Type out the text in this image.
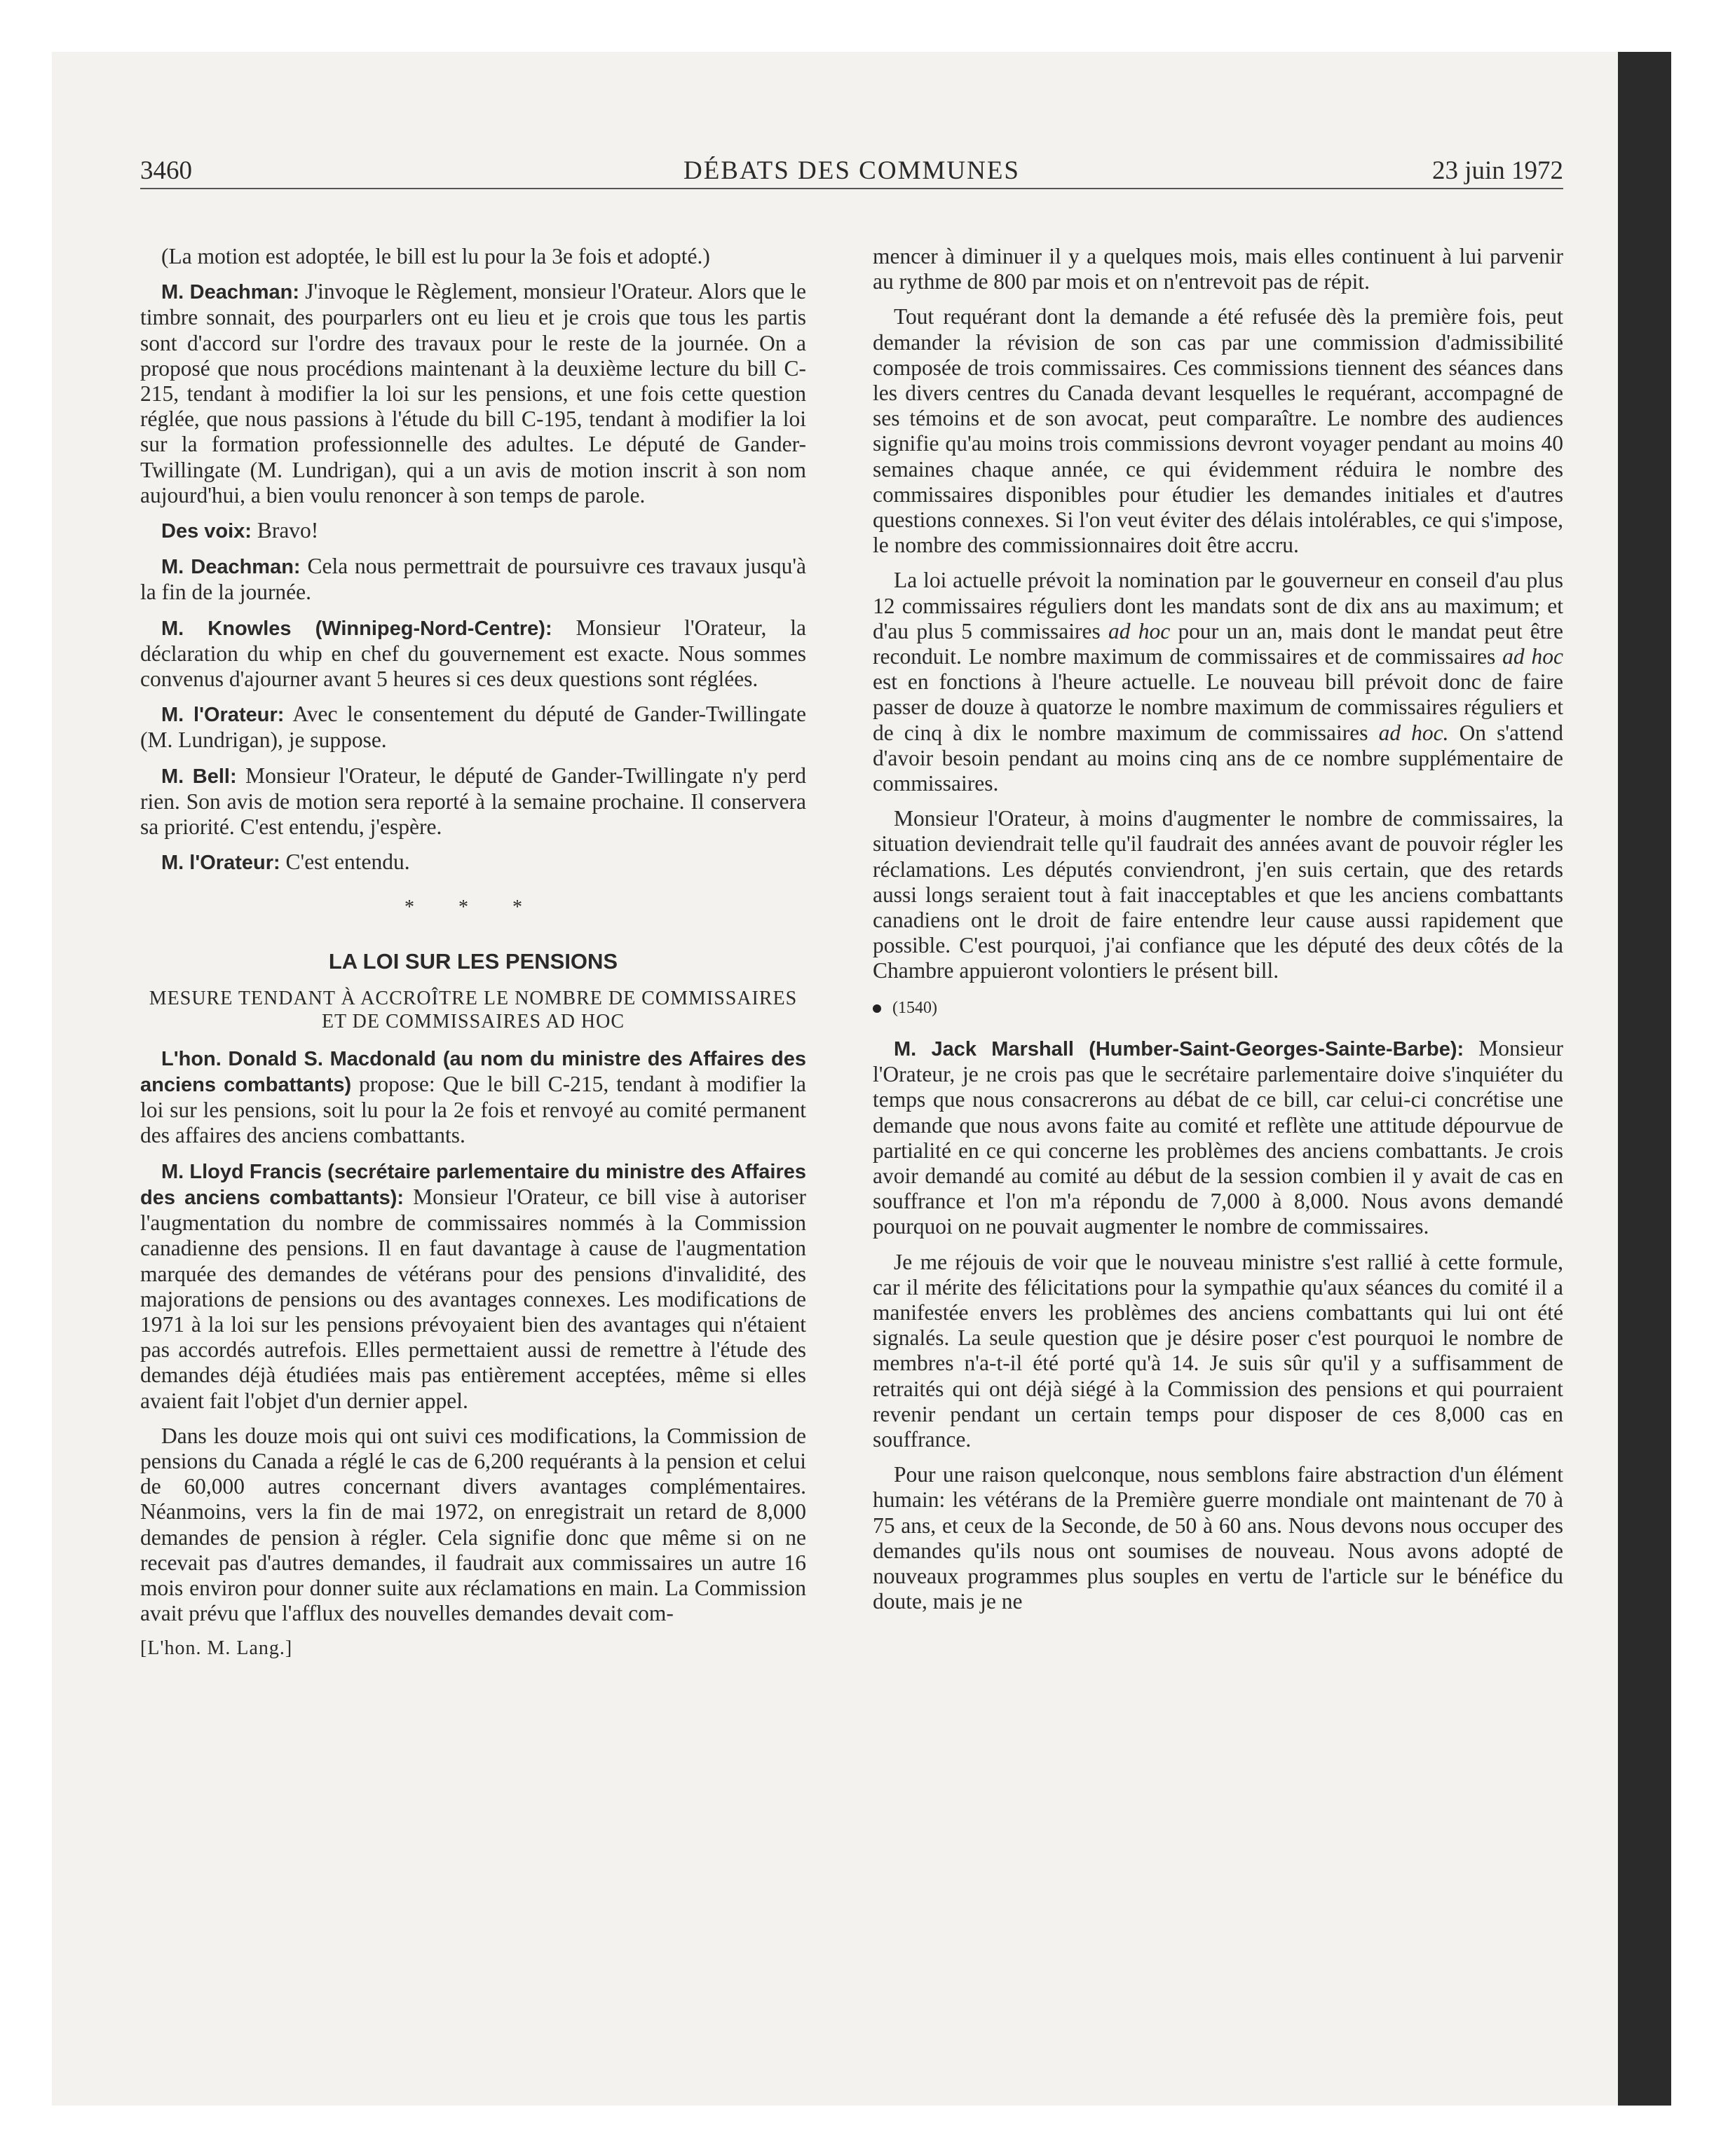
DÉBATS DES COMMUNES
3460	23 juin 1972

(La motion est adoptée, le bill est lu pour la 3e fois et adopté.)

M. Deachman: J'invoque le Règlement, monsieur l'Orateur. Alors que le timbre sonnait, des pourparlers ont eu lieu et je crois que tous les partis sont d'accord sur l'ordre des travaux pour le reste de la journée. On a proposé que nous procédions maintenant à la deuxième lecture du bill C-215, tendant à modifier la loi sur les pensions, et une fois cette question réglée, que nous passions à l'étude du bill C-195, tendant à modifier la loi sur la formation professionnelle des adultes. Le député de Gander-Twillingate (M. Lundrigan), qui a un avis de motion inscrit à son nom aujourd'hui, a bien voulu renoncer à son temps de parole.

Des voix: Bravo!

M. Deachman: Cela nous permettrait de poursuivre ces travaux jusqu'à la fin de la journée.

M. Knowles (Winnipeg-Nord-Centre): Monsieur l'Orateur, la déclaration du whip en chef du gouvernement est exacte. Nous sommes convenus d'ajourner avant 5 heures si ces deux questions sont réglées.

M. l'Orateur: Avec le consentement du député de Gander-Twillingate (M. Lundrigan), je suppose.

M. Bell: Monsieur l'Orateur, le député de Gander-Twillingate n'y perd rien. Son avis de motion sera reporté à la semaine prochaine. Il conservera sa priorité. C'est entendu, j'espère.

M. l'Orateur: C'est entendu.

* * *
LA LOI SUR LES PENSIONS
MESURE TENDANT À ACCROÎTRE LE NOMBRE DE COMMISSAIRES ET DE COMMISSAIRES AD HOC

L'hon. Donald S. Macdonald (au nom du ministre des Affaires des anciens combattants) propose: Que le bill C-215, tendant à modifier la loi sur les pensions, soit lu pour la 2e fois et renvoyé au comité permanent des affaires des anciens combattants.

M. Lloyd Francis (secrétaire parlementaire du ministre des Affaires des anciens combattants): Monsieur l'Orateur, ce bill vise à autoriser l'augmentation du nombre de commissaires nommés à la Commission canadienne des pensions. Il en faut davantage à cause de l'augmentation marquée des demandes de vétérans pour des pensions d'invalidité, des majorations de pensions ou des avantages connexes. Les modifications de 1971 à la loi sur les pensions prévoyaient bien des avantages qui n'étaient pas accordés autrefois. Elles permettaient aussi de remettre à l'étude des demandes déjà étudiées mais pas entièrement acceptées, même si elles avaient fait l'objet d'un dernier appel.

Dans les douze mois qui ont suivi ces modifications, la Commission de pensions du Canada a réglé le cas de 6,200 requérants à la pension et celui de 60,000 autres concernant divers avantages complémentaires. Néanmoins, vers la fin de mai 1972, on enregistrait un retard de 8,000 demandes de pension à régler. Cela signifie donc que même si on ne recevait pas d'autres demandes, il faudrait aux commissaires un autre 16 mois environ pour donner suite aux réclamations en main. La Commission avait prévu que l'afflux des nouvelles demandes devait com-

[L'hon. M. Lang.]

mencer à diminuer il y a quelques mois, mais elles continuent à lui parvenir au rythme de 800 par mois et on n'entrevoit pas de répit.

Tout requérant dont la demande a été refusée dès la première fois, peut demander la révision de son cas par une commission d'admissibilité composée de trois commissaires. Ces commissions tiennent des séances dans les divers centres du Canada devant lesquelles le requérant, accompagné de ses témoins et de son avocat, peut comparaître. Le nombre des audiences signifie qu'au moins trois commissions devront voyager pendant au moins 40 semaines chaque année, ce qui évidemment réduira le nombre des commissaires disponibles pour étudier les demandes initiales et d'autres questions connexes. Si l'on veut éviter des délais intolérables, ce qui s'impose, le nombre des commissionnaires doit être accru.

La loi actuelle prévoit la nomination par le gouverneur en conseil d'au plus 12 commissaires réguliers dont les mandats sont de dix ans au maximum; et d'au plus 5 commissaires ad hoc pour un an, mais dont le mandat peut être reconduit. Le nombre maximum de commissaires et de commissaires ad hoc est en fonctions à l'heure actuelle. Le nouveau bill prévoit donc de faire passer de douze à quatorze le nombre maximum de commissaires réguliers et de cinq à dix le nombre maximum de commissaires ad hoc. On s'attend d'avoir besoin pendant au moins cinq ans de ce nombre supplémentaire de commissaires.

Monsieur l'Orateur, à moins d'augmenter le nombre de commissaires, la situation deviendrait telle qu'il faudrait des années avant de pouvoir régler les réclamations. Les députés conviendront, j'en suis certain, que des retards aussi longs seraient tout à fait inacceptables et que les anciens combattants canadiens ont le droit de faire entendre leur cause aussi rapidement que possible. C'est pourquoi, j'ai confiance que les député des deux côtés de la Chambre appuieront volontiers le présent bill.

(1540)

M. Jack Marshall (Humber-Saint-Georges-Sainte-Barbe): Monsieur l'Orateur, je ne crois pas que le secrétaire parlementaire doive s'inquiéter du temps que nous consacrerons au débat de ce bill, car celui-ci concrétise une demande que nous avons faite au comité et reflète une attitude dépourvue de partialité en ce qui concerne les problèmes des anciens combattants. Je crois avoir demandé au comité au début de la session combien il y avait de cas en souffrance et l'on m'a répondu de 7,000 à 8,000. Nous avons demandé pourquoi on ne pouvait augmenter le nombre de commissaires.

Je me réjouis de voir que le nouveau ministre s'est rallié à cette formule, car il mérite des félicitations pour la sympathie qu'aux séances du comité il a manifestée envers les problèmes des anciens combattants qui lui ont été signalés. La seule question que je désire poser c'est pourquoi le nombre de membres n'a-t-il été porté qu'à 14. Je suis sûr qu'il y a suffisamment de retraités qui ont déjà siégé à la Commission des pensions et qui pourraient revenir pendant un certain temps pour disposer de ces 8,000 cas en souffrance.

Pour une raison quelconque, nous semblons faire abstraction d'un élément humain: les vétérans de la Première guerre mondiale ont maintenant de 70 à 75 ans, et ceux de la Seconde, de 50 à 60 ans. Nous devons nous occuper des demandes qu'ils nous ont soumises de nouveau. Nous avons adopté de nouveaux programmes plus souples en vertu de l'article sur le bénéfice du doute, mais je ne
